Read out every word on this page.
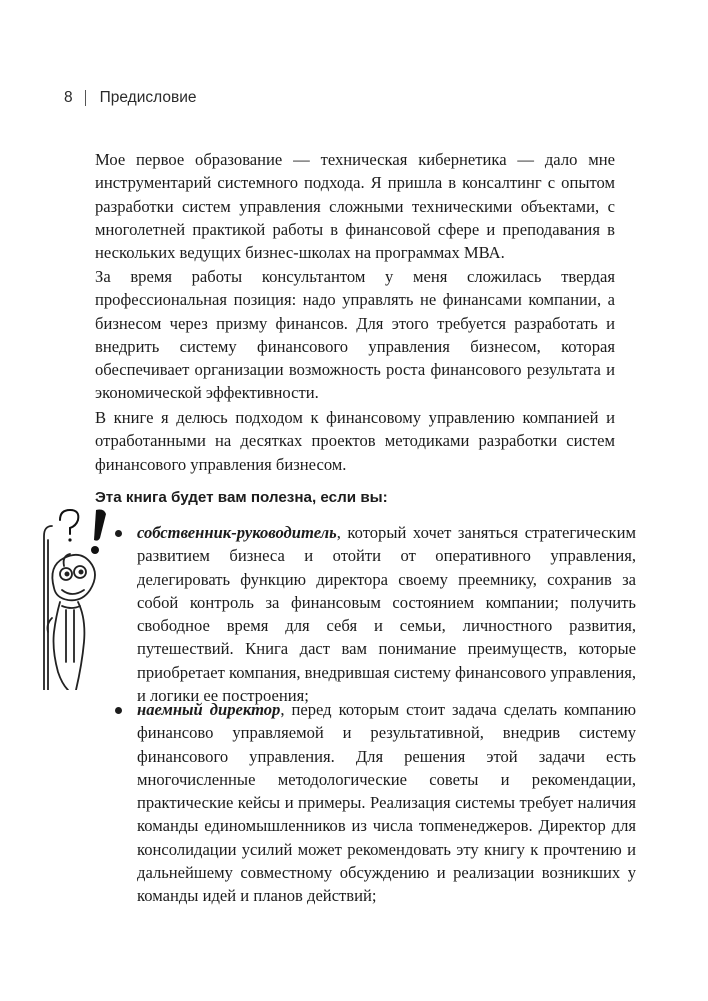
8 Предисловие

Мое первое образование — техническая кибернетика — дало мне инструментарий системного подхода. Я пришла в консалтинг с опытом разработки систем управления сложными техническими объектами, с многолетней практикой работы в финансовой сфере и преподавания в нескольких ведущих бизнес-школах на программах МВА.

За время работы консультантом у меня сложилась твердая профессиональная позиция: надо управлять не финансами компании, а бизнесом через призму финансов. Для этого требуется разработать и внедрить систему финансового управления бизнесом, которая обеспечивает организации возможность роста финансового результата и экономической эффективности.

В книге я делюсь подходом к финансовому управлению компанией и отработанными на десятках проектов методиками разработки систем финансового управления бизнесом.

Эта книга будет вам полезна, если вы:

собственник-руководитель, который хочет заняться стратегическим развитием бизнеса и отойти от оперативного управления, делегировать функцию директора своему преемнику, сохранив за собой контроль за финансовым состоянием компании; получить свободное время для себя и семьи, личностного развития, путешествий. Книга даст вам понимание преимуществ, которые приобретает компания, внедрившая систему финансового управления, и логики ее построения;

наемный директор, перед которым стоит задача сделать компанию финансово управляемой и результативной, внедрив систему финансового управления. Для решения этой задачи есть многочисленные методологические советы и рекомендации, практические кейсы и примеры. Реализация системы требует наличия команды единомышленников из числа топменеджеров. Директор для консолидации усилий может рекомендовать эту книгу к прочтению и дальнейшему совместному обсуждению и реализации возникших у команды идей и планов действий;
